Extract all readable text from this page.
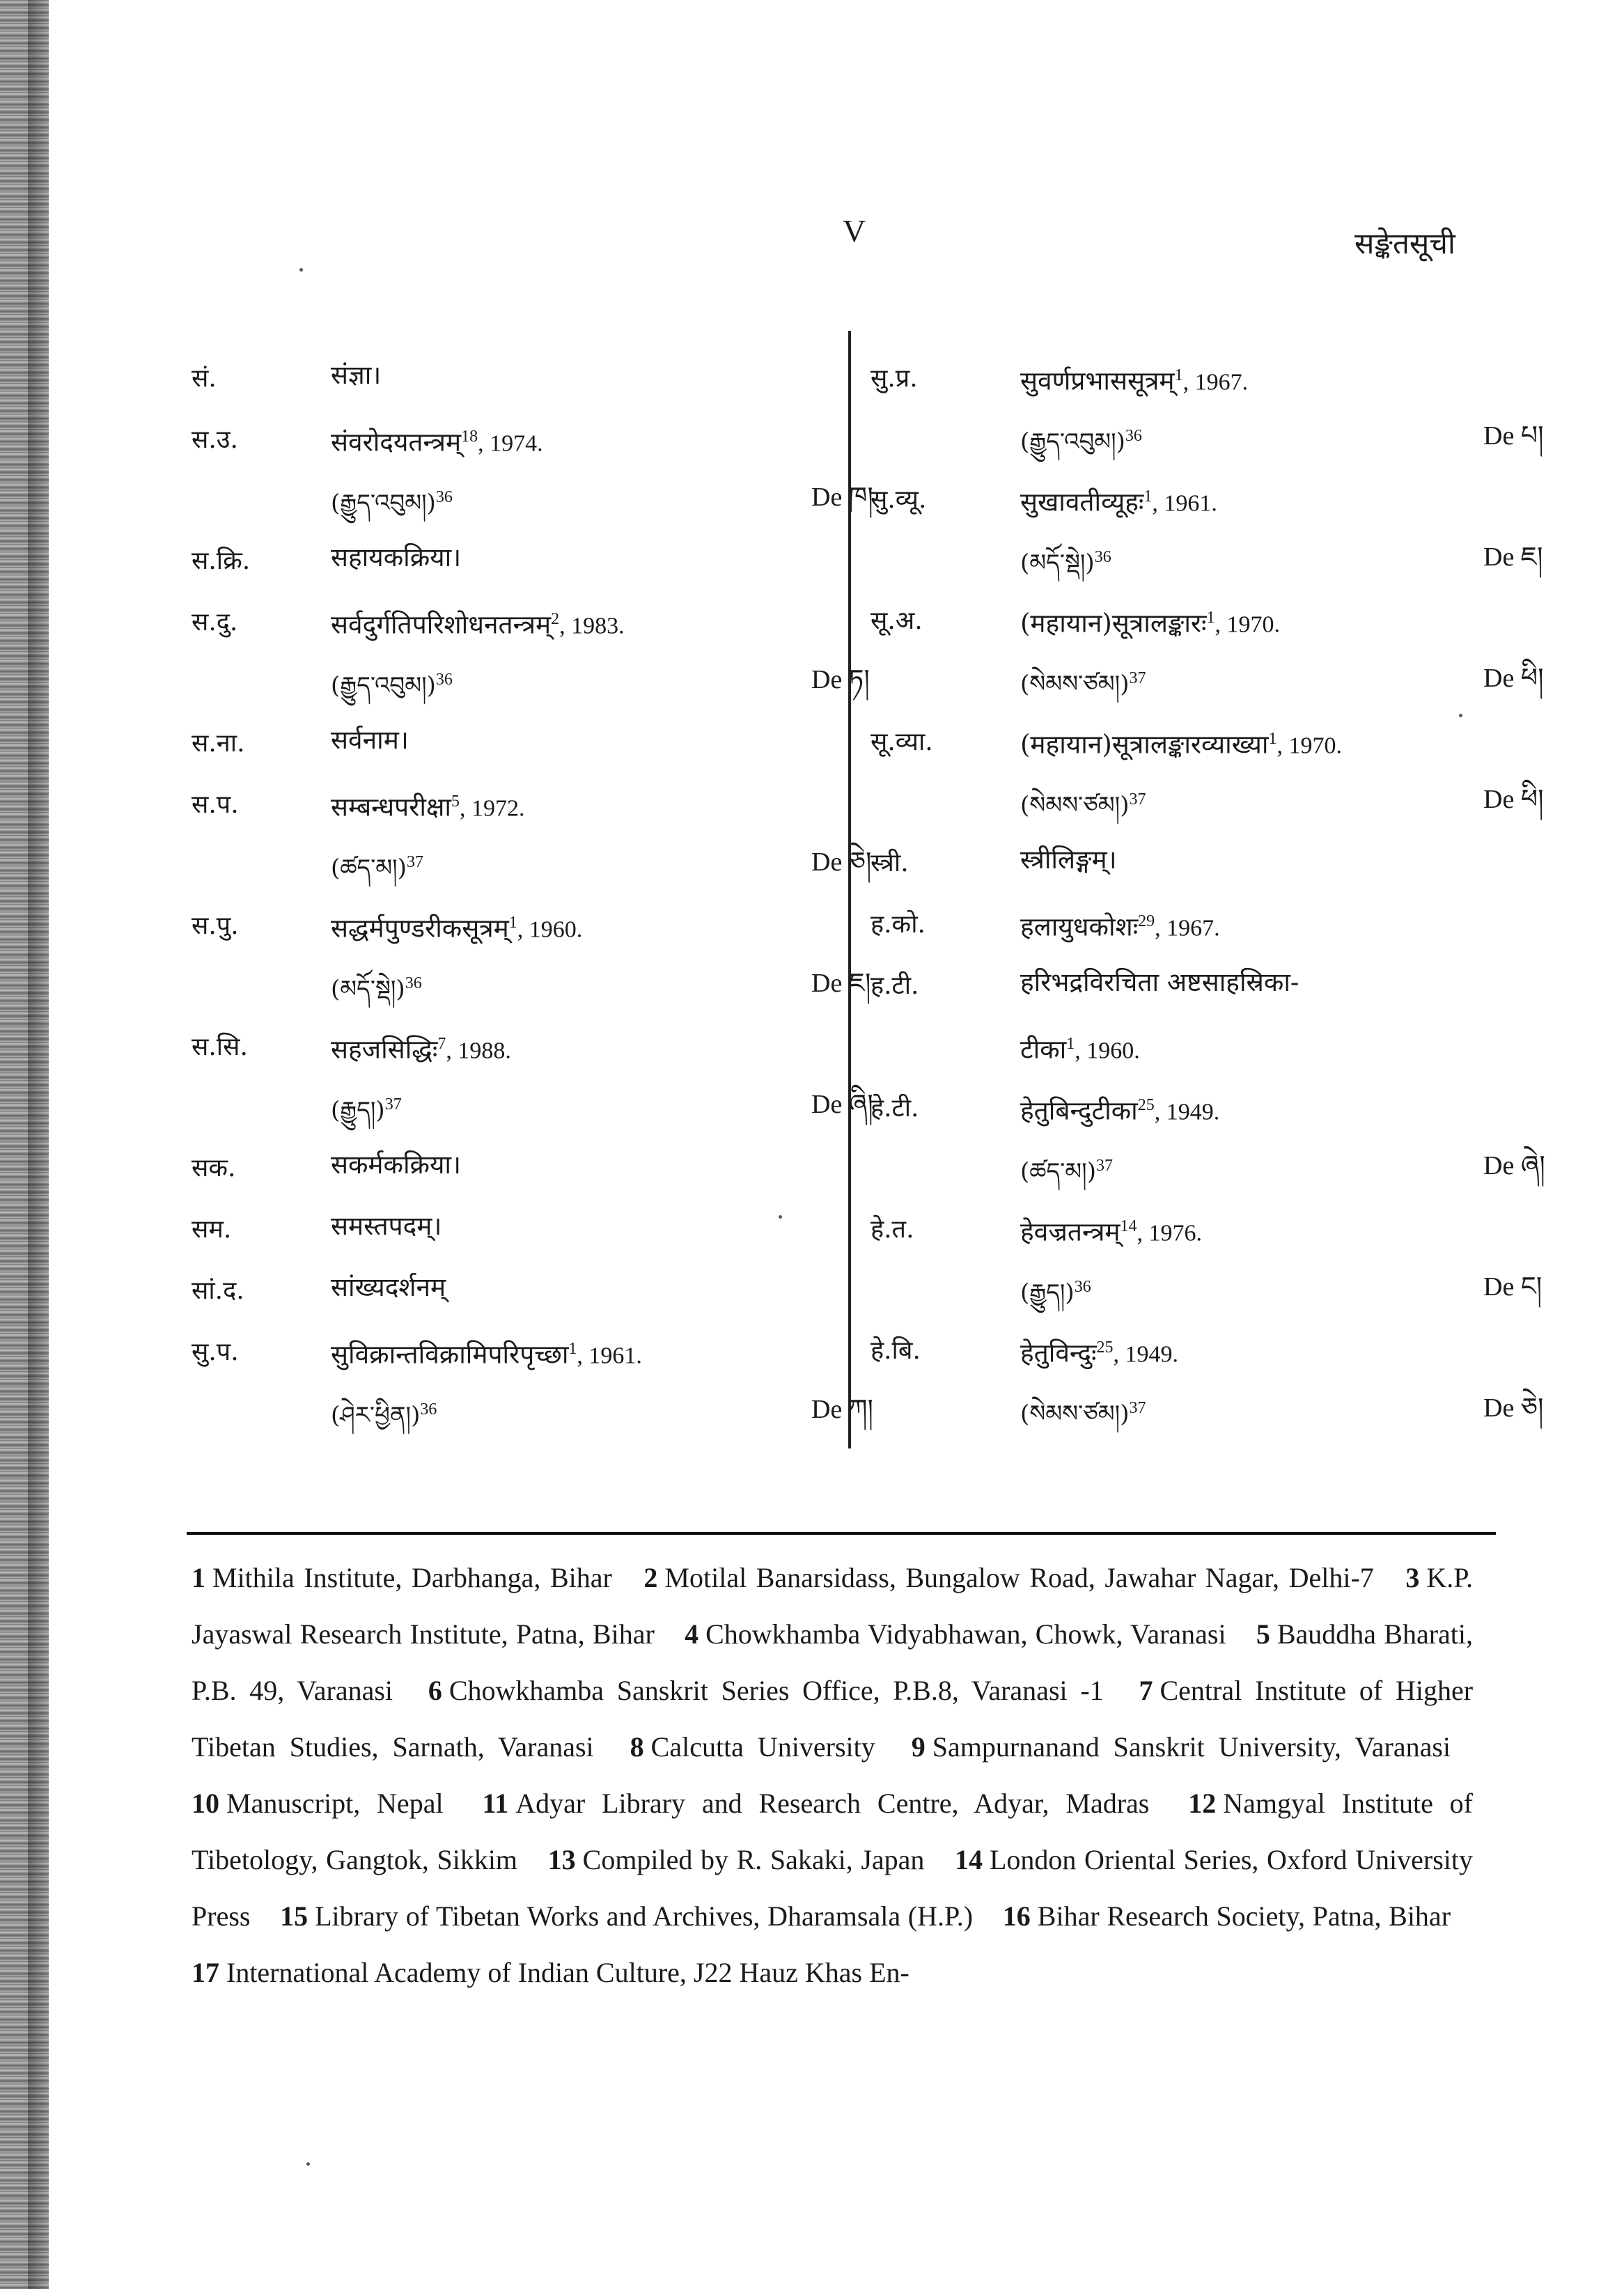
V	सङ्केतसूची
सं.	संज्ञा।
स.उ.	संवरोदयतन्त्रम्$^{18}$, 1974.
(རྒྱུད་འབུམ།)$^{36}$	De ཁ།
स.क्रि.	सहायकक्रिया।
स.दु.	सर्वदुर्गतिपरिशोधनतन्त्रम्$^2$, 1983.
(རྒྱུད་འབུམ།)$^{36}$	De ཏ།
स.ना.	सर्वनाम।
स.प.	सम्बन्धपरीक्षा$^5$, 1972.
(ཚད་མ།)$^{37}$	De ཅེ།
स.पु.	सद्धर्मपुण्डरीकसूत्रम्$^1$, 1960.
(མདོ་སྡེ།)$^{36}$	De ཇ།
स.सि.	सहजसिद्धिः$^7$, 1988.
(རྒྱུད།)$^{37}$	De ཞི།
सक.	सकर्मकक्रिया।
सम.	समस्तपदम्।
सां.द.	सांख्यदर्शनम्
सु.प.	सुविक्रान्तविक्रामिपरिपृच्छा$^1$, 1961.
(ཤེར་ཕྱིན།)$^{36}$	De ཀ།
सु.प्र.	सुवर्णप्रभाससूत्रम्$^1$, 1967.
(རྒྱུད་འབུམ།)$^{36}$	De པ།
सु.व्यू.	सुखावतीव्यूहः$^1$, 1961.
(མདོ་སྡེ།)$^{36}$	De ཇ།
सू.अ.	(महायान)सूत्रालङ्कारः$^1$, 1970.
(སེམས་ཙམ།)$^{37}$	De ཕི།
सू.व्या.	(महायान)सूत्रालङ्कारव्याख्या$^1$, 1970.
(སེམས་ཙམ།)$^{37}$	De ཕི།
स्त्री.	स्त्रीलिङ्गम्।
ह.को.	हलायुधकोशः$^{29}$, 1967.
ह.टी.	हरिभद्रविरचिता अष्टसाहस्रिका-
टीका$^1$, 1960.
हे.टी.	हेतुबिन्दुटीका$^{25}$, 1949.
(ཚད་མ།)$^{37}$	De ཞེ།
हे.त.	हेवज्रतन्त्रम्$^{14}$, 1976.
(རྒྱུད།)$^{36}$	De ང།
हे.बि.	हेतुविन्दुः$^{25}$, 1949.
(སེམས་ཙམ།)$^{37}$	De ཅེ།
1 Mithila Institute, Darbhanga, Bihar 2 Motilal Banarsidass, Bungalow Road, Jawahar Nagar, Delhi-7 3 K.P. Jayaswal Research Institute, Patna, Bihar 4 Chowkhamba Vidyabhawan, Chowk, Varanasi 5 Bauddha Bharati, P.B. 49, Varanasi 6 Chowkhamba Sanskrit Series Office, P.B.8, Varanasi -1 7 Central Institute of Higher Tibetan Studies, Sarnath, Varanasi 8 Calcutta University 9 Sampurnanand Sanskrit University, Varanasi 10 Manuscript, Nepal 11 Adyar Library and Research Centre, Adyar, Madras 12 Namgyal Institute of Tibetology, Gangtok, Sikkim 13 Compiled by R. Sakaki, Japan 14 London Oriental Series, Oxford University Press 15 Library of Tibetan Works and Archives, Dharamsala (H.P.) 16 Bihar Research Society, Patna, Bihar 17 International Academy of Indian Culture, J22 Hauz Khas En-
